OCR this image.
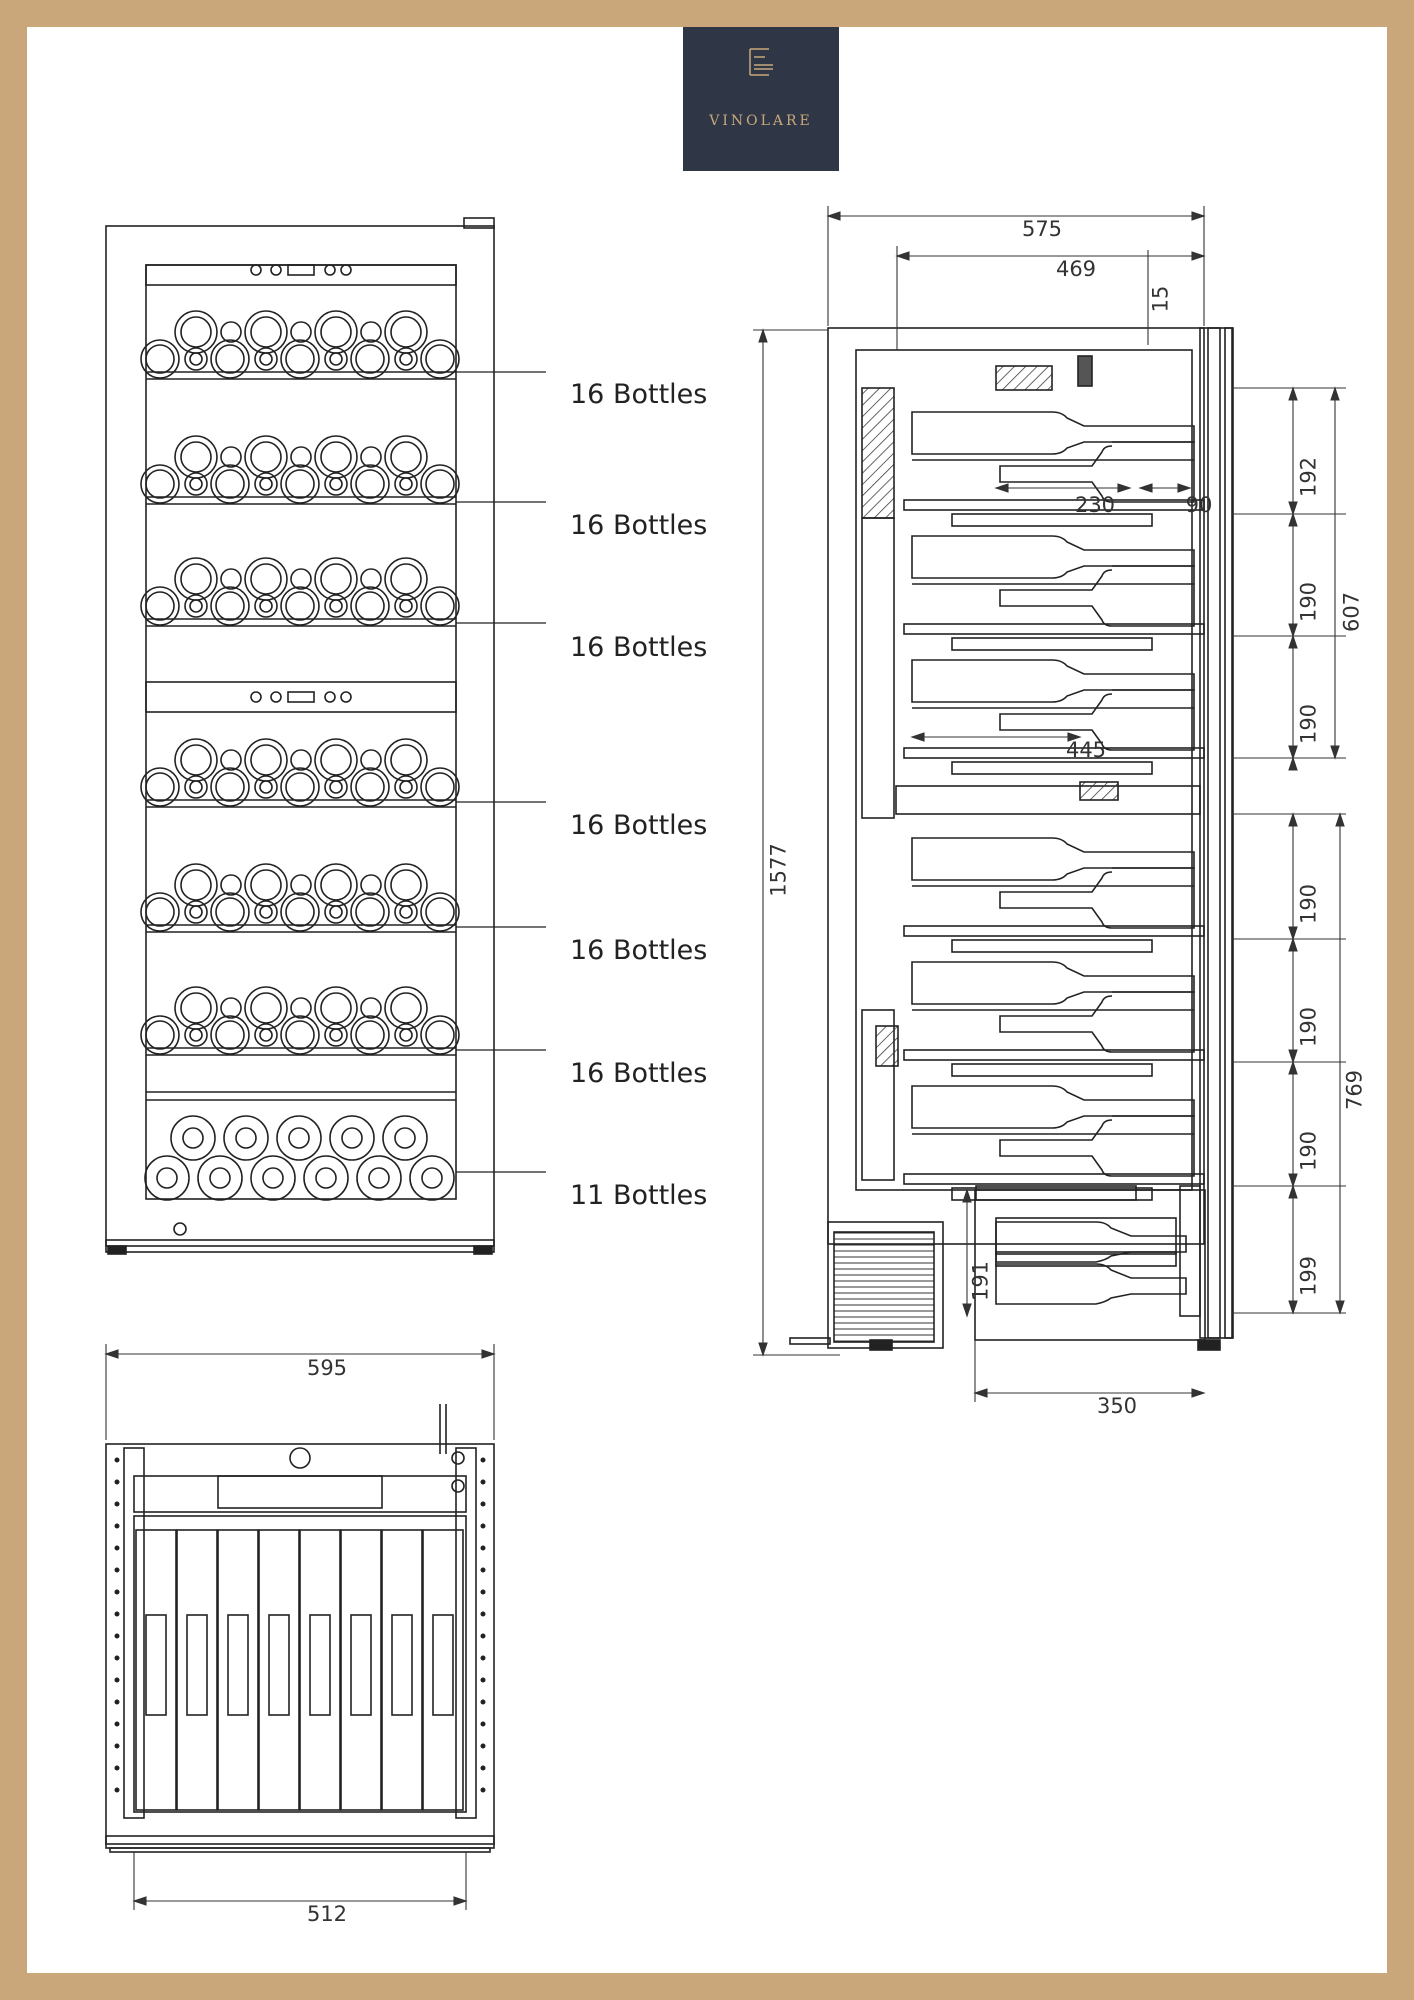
VINOLARE
16 Bottles
16 Bottles
16 Bottles
16 Bottles
16 Bottles
16 Bottles
11 Bottles
595
512
575
469
15
1577
192
190
190
607
190
190
190
199
769
350
191
230	90
445
